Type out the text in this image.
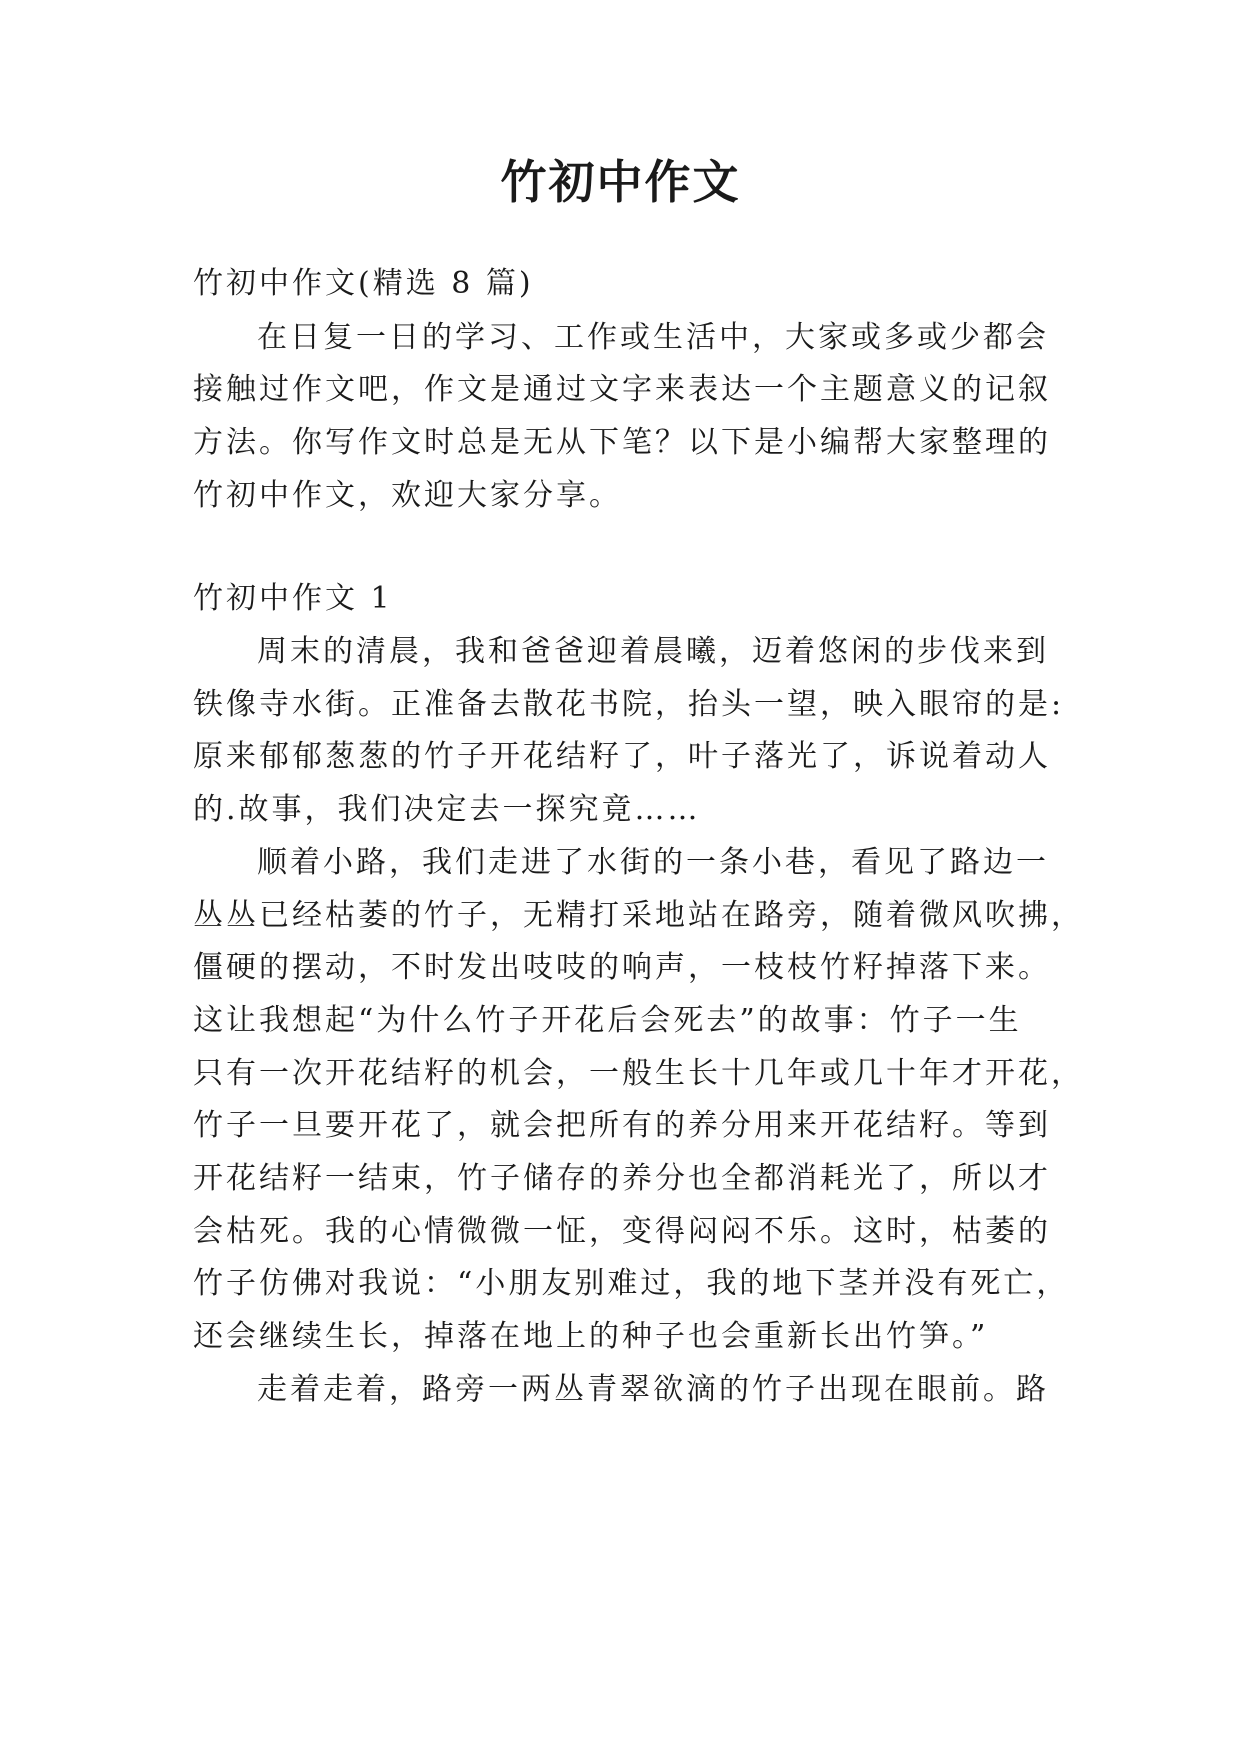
竹初中作文
竹初中作文(精选 8 篇)
在日复一日的学习、工作或生活中，大家或多或少都会
接触过作文吧，作文是通过文字来表达一个主题意义的记叙
方法。你写作文时总是无从下笔？以下是小编帮大家整理的
竹初中作文，欢迎大家分享。
竹初中作文 1
周末的清晨，我和爸爸迎着晨曦，迈着悠闲的步伐来到
铁像寺水街。正准备去散花书院，抬头一望，映入眼帘的是:
原来郁郁葱葱的竹子开花结籽了，叶子落光了，诉说着动人
的.故事，我们决定去一探究竟……
顺着小路，我们走进了水街的一条小巷，看见了路边一
丛丛已经枯萎的竹子，无精打采地站在路旁，随着微风吹拂，
僵硬的摆动，不时发出吱吱的响声，一枝枝竹籽掉落下来。
这让我想起“为什么竹子开花后会死去”的故事：竹子一生
只有一次开花结籽的机会，一般生长十几年或几十年才开花，
竹子一旦要开花了，就会把所有的养分用来开花结籽。等到
开花结籽一结束，竹子储存的养分也全都消耗光了，所以才
会枯死。我的心情微微一怔，变得闷闷不乐。这时，枯萎的
竹子仿佛对我说：“小朋友别难过，我的地下茎并没有死亡，
还会继续生长，掉落在地上的种子也会重新长出竹笋。”
走着走着，路旁一两丛青翠欲滴的竹子出现在眼前。路
